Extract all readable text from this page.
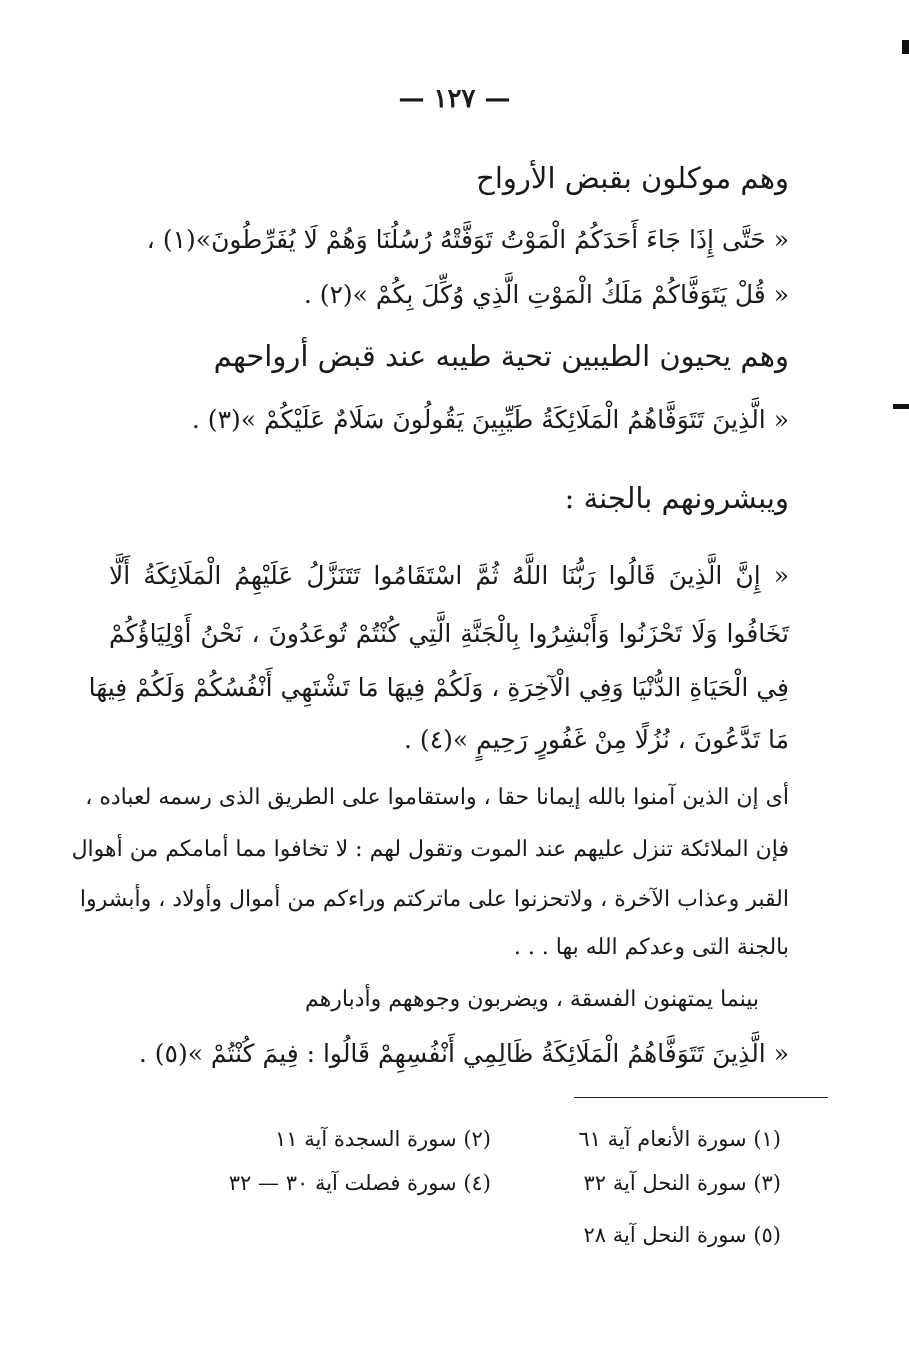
— ١٢٧ —
وهم موكلون بقبض الأرواح
« حَتَّى إِذَا جَاءَ أَحَدَكُمُ الْمَوْتُ تَوَفَّتْهُ رُسُلُنَا وَهُمْ لَا يُفَرِّطُونَ»(١) ،
« قُلْ يَتَوَفَّاكُمْ مَلَكُ الْمَوْتِ الَّذِي وُكِّلَ بِكُمْ »(٢) .
وهم يحيون الطيبين تحية طيبه عند قبض أرواحهم
« الَّذِينَ تَتَوَفَّاهُمُ الْمَلَائِكَةُ طَيِّبِينَ يَقُولُونَ سَلَامٌ عَلَيْكُمْ »(٣) .
ويبشرونهم بالجنة :
« إِنَّ الَّذِينَ قَالُوا رَبُّنَا اللَّهُ ثُمَّ اسْتَقَامُوا تَتَنَزَّلُ عَلَيْهِمُ الْمَلَائِكَةُ أَلَّا
تَخَافُوا وَلَا تَحْزَنُوا وَأَبْشِرُوا بِالْجَنَّةِ الَّتِي كُنْتُمْ تُوعَدُونَ ، نَحْنُ أَوْلِيَاؤُكُمْ
فِي الْحَيَاةِ الدُّنْيَا وَفِي الْآخِرَةِ ، وَلَكُمْ فِيهَا مَا تَشْتَهِي أَنْفُسُكُمْ وَلَكُمْ فِيهَا
مَا تَدَّعُونَ ، نُزُلًا مِنْ غَفُورٍ رَحِيمٍ »(٤) .
أى إن الذين آمنوا بالله إيمانا حقا ، واستقاموا على الطريق الذى رسمه لعباده ،
فإن الملائكة تنزل عليهم عند الموت وتقول لهم : لا تخافوا مما أمامكم من أهوال
القبر وعذاب الآخرة ، ولاتحزنوا على ماتركتم وراءكم من أموال وأولاد ، وأبشروا
بالجنة التى وعدكم الله بها . . .
بينما يمتهنون الفسقة ، ويضربون وجوههم وأدبارهم
« الَّذِينَ تَتَوَفَّاهُمُ الْمَلَائِكَةُ ظَالِمِي أَنْفُسِهِمْ قَالُوا : فِيمَ كُنْتُمْ »(٥) .
(١) سورة الأنعام آية ٦١
(٢) سورة السجدة آية ١١
(٣) سورة النحل آية ٣٢
(٤) سورة فصلت آية ٣٠ — ٣٢
(٥) سورة النحل آية ٢٨
